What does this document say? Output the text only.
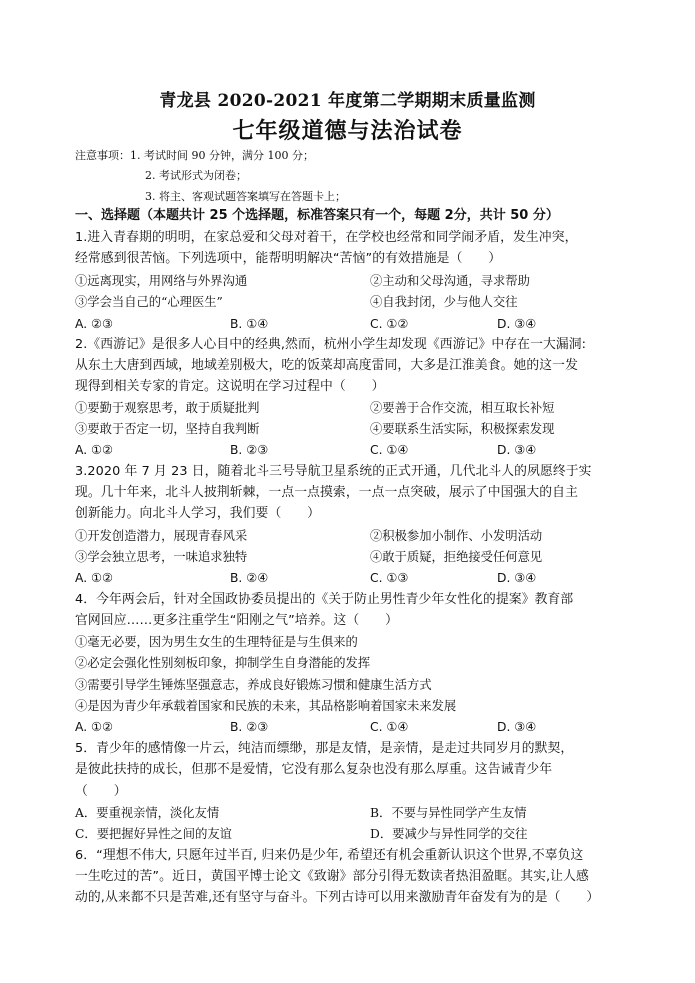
青龙县 2020-2021 年度第二学期期末质量监测
七年级道德与法治试卷
注意事项：1. 考试时间 90 分钟，满分 100 分；
2. 考试形式为闭卷；
3. 将主、客观试题答案填写在答题卡上；
一、选择题（本题共计 25 个选择题，标准答案只有一个，每题 2分，共计 50 分）
1.进入青春期的明明，在家总爱和父母对着干，在学校也经常和同学闹矛盾，发生冲突，
经常感到很苦恼。下列选项中，能帮明明解决“苦恼”的有效措施是（　　）
①远离现实，用网络与外界沟通	②主动和父母沟通，寻求帮助
③学会当自己的“心理医生”	④自我封闭，少与他人交往
A. ②③	B. ①④	C. ①②	D. ③④
2.《西游记》是很多人心目中的经典,然而，杭州小学生却发现《西游记》中存在一大漏洞:
从东土大唐到西域，地域差别极大，吃的饭菜却高度雷同，大多是江淮美食。她的这一发
现得到相关专家的肯定。这说明在学习过程中（　　）
①要勤于观察思考，敢于质疑批判	②要善于合作交流，相互取长补短
③要敢于否定一切，坚持自我判断	④要联系生活实际，积极探索发现
A. ①②	B. ②③	C. ①④	D. ③④
3.2020 年 7 月 23 日，随着北斗三号导航卫星系统的正式开通，几代北斗人的夙愿终于实
现。几十年来，北斗人披荆斩棘，一点一点摸索，一点一点突破，展示了中国强大的自主
创新能力。向北斗人学习，我们要（　　）
①开发创造潜力，展现青春风采	②积极参加小制作、小发明活动
③学会独立思考，一味追求独特	④敢于质疑，拒绝接受任何意见
A. ①②	B. ②④	C. ①③	D. ③④
4．今年两会后，针对全国政协委员提出的《关于防止男性青少年女性化的提案》教育部
官网回应……更多注重学生“阳刚之气”培养。这（　　）
①毫无必要，因为男生女生的生理特征是与生俱来的
②必定会强化性别刻板印象，抑制学生自身潜能的发挥
③需要引导学生锤炼坚强意志，养成良好锻炼习惯和健康生活方式
④是因为青少年承载着国家和民族的未来，其品格影响着国家未来发展
A. ①②	B. ②③	C. ①④	D. ③④
5．青少年的感情像一片云，纯洁而缥缈，那是友情，是亲情，是走过共同岁月的默契，
是彼此扶持的成长，但那不是爱情，它没有那么复杂也没有那么厚重。这告诫青少年
（　　）
A．要重视亲情，淡化友情	B．不要与异性同学产生友情
C．要把握好异性之间的友谊	D．要减少与异性同学的交往
6．“理想不伟大, 只愿年过半百, 归来仍是少年, 希望还有机会重新认识这个世界,不辜负这
一生吃过的苦”。近日，黄国平博士论文《致谢》部分引得无数读者热泪盈眶。其实,让人感
动的,从来都不只是苦难,还有坚守与奋斗。下列古诗可以用来激励青年奋发有为的是（　　）
